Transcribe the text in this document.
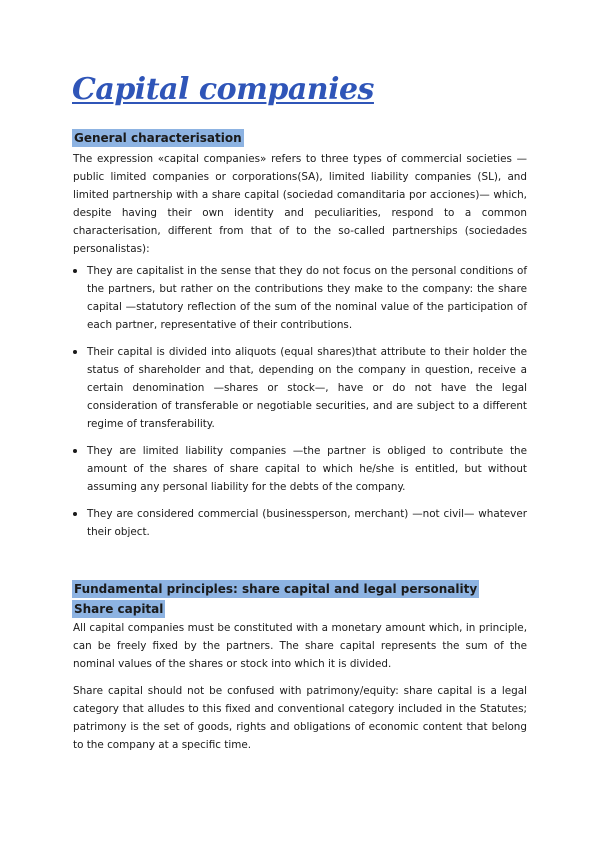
Capital companies
General characterisation

The expression «capital companies» refers to three types of commercial societies —public limited companies or corporations(SA), limited liability companies (SL), and limited partnership with a share capital (sociedad comanditaria por acciones)— which, despite having their own identity and peculiarities, respond to a common characterisation, different from that of to the so-called partnerships (sociedades personalistas):

They are capitalist in the sense that they do not focus on the personal conditions of the partners, but rather on the contributions they make to the company: the share capital —statutory reflection of the sum of the nominal value of the participation of each partner, representative of their contributions.
Their capital is divided into aliquots (equal shares)that attribute to their holder the status of shareholder and that, depending on the company in question, receive a certain denomination —shares or stock—, have or do not have the legal consideration of transferable or negotiable securities, and are subject to a different regime of transferability.
They are limited liability companies —the partner is obliged to contribute the amount of the shares of share capital to which he/she is entitled, but without assuming any personal liability for the debts of the company.
They are considered commercial (businessperson, merchant) —not civil— whatever their object.
Fundamental principles: share capital and legal personality
Share capital

All capital companies must be constituted with a monetary amount which, in principle, can be freely fixed by the partners. The share capital represents the sum of the nominal values of the shares or stock into which it is divided.

Share capital should not be confused with patrimony/equity: share capital is a legal category that alludes to this fixed and conventional category included in the Statutes; patrimony is the set of goods, rights and obligations of economic content that belong to the company at a specific time.
